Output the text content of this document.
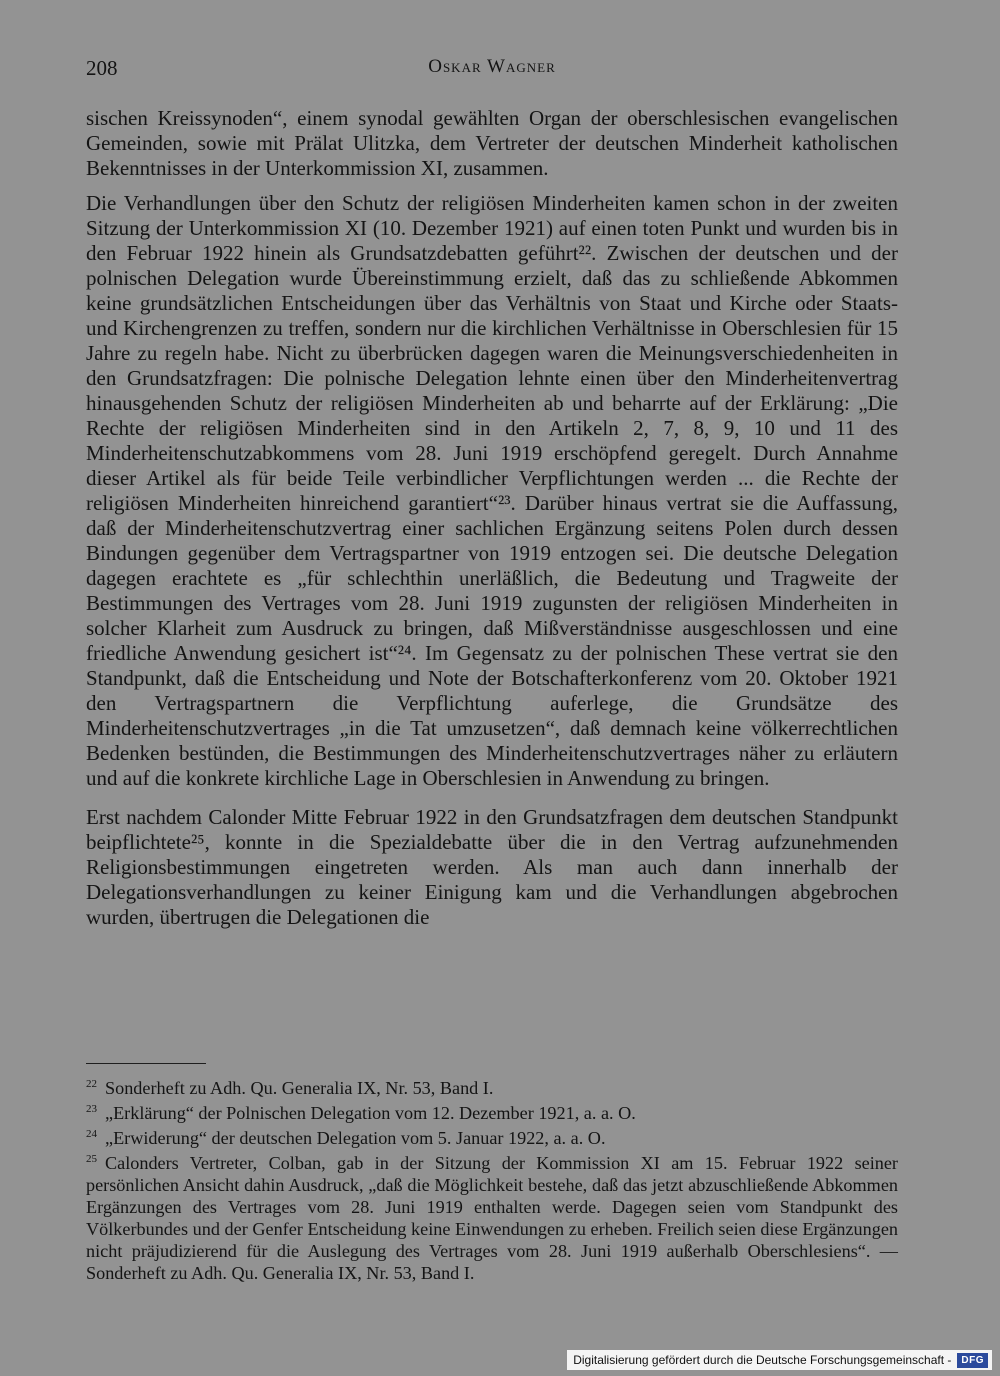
208	Oskar Wagner

sischen Kreissynoden“, einem synodal gewählten Organ der oberschlesischen evangelischen Gemeinden, sowie mit Prälat Ulitzka, dem Vertreter der deutschen Minderheit katholischen Bekenntnisses in der Unterkommission XI, zusammen.

Die Verhandlungen über den Schutz der religiösen Minderheiten kamen schon in der zweiten Sitzung der Unterkommission XI (10. Dezember 1921) auf einen toten Punkt und wurden bis in den Februar 1922 hinein als Grundsatzdebatten geführt²². Zwischen der deutschen und der polnischen Delegation wurde Übereinstimmung erzielt, daß das zu schließende Abkommen keine grundsätzlichen Entscheidungen über das Verhältnis von Staat und Kirche oder Staats- und Kirchengrenzen zu treffen, sondern nur die kirchlichen Verhältnisse in Oberschlesien für 15 Jahre zu regeln habe. Nicht zu überbrücken dagegen waren die Meinungsverschiedenheiten in den Grundsatzfragen: Die polnische Delegation lehnte einen über den Minderheitenvertrag hinausgehenden Schutz der religiösen Minderheiten ab und beharrte auf der Erklärung: „Die Rechte der religiösen Minderheiten sind in den Artikeln 2, 7, 8, 9, 10 und 11 des Minderheitenschutzabkommens vom 28. Juni 1919 erschöpfend geregelt. Durch Annahme dieser Artikel als für beide Teile verbindlicher Verpflichtungen werden ... die Rechte der religiösen Minderheiten hinreichend garantiert“²³. Darüber hinaus vertrat sie die Auffassung, daß der Minderheitenschutzvertrag einer sachlichen Ergänzung seitens Polen durch dessen Bindungen gegenüber dem Vertragspartner von 1919 entzogen sei. Die deutsche Delegation dagegen erachtete es „für schlechthin unerläßlich, die Bedeutung und Tragweite der Bestimmungen des Vertrages vom 28. Juni 1919 zugunsten der religiösen Minderheiten in solcher Klarheit zum Ausdruck zu bringen, daß Mißverständnisse ausgeschlossen und eine friedliche Anwendung gesichert ist“²⁴. Im Gegensatz zu der polnischen These vertrat sie den Standpunkt, daß die Entscheidung und Note der Botschafterkonferenz vom 20. Oktober 1921 den Vertragspartnern die Verpflichtung auferlege, die Grundsätze des Minderheitenschutzvertrages „in die Tat umzusetzen“, daß demnach keine völkerrechtlichen Bedenken bestünden, die Bestimmungen des Minderheitenschutzvertrages näher zu erläutern und auf die konkrete kirchliche Lage in Oberschlesien in Anwendung zu bringen.

Erst nachdem Calonder Mitte Februar 1922 in den Grundsatzfragen dem deutschen Standpunkt beipflichtete²⁵, konnte in die Spezialdebatte über die in den Vertrag aufzunehmenden Religionsbestimmungen eingetreten werden. Als man auch dann innerhalb der Delegationsverhandlungen zu keiner Einigung kam und die Verhandlungen abgebrochen wurden, übertrugen die Delegationen die

$^{22}$ Sonderheft zu Adh. Qu. Generalia IX, Nr. 53, Band I.
$^{23}$ „Erklärung“ der Polnischen Delegation vom 12. Dezember 1921, a. a. O.
$^{24}$ „Erwiderung“ der deutschen Delegation vom 5. Januar 1922, a. a. O.
$^{25}$ Calonders Vertreter, Colban, gab in der Sitzung der Kommission XI am 15. Februar 1922 seiner persönlichen Ansicht dahin Ausdruck, „daß die Möglichkeit bestehe, daß das jetzt abzuschließende Abkommen Ergänzungen des Vertrages vom 28. Juni 1919 enthalten werde. Dagegen seien vom Standpunkt des Völkerbundes und der Genfer Entscheidung keine Einwendungen zu erheben. Freilich seien diese Ergänzungen nicht präjudizierend für die Auslegung des Vertrages vom 28. Juni 1919 außerhalb Oberschlesiens“. — Sonderheft zu Adh. Qu. Generalia IX, Nr. 53, Band I.
Digitalisierung gefördert durch die Deutsche Forschungsgemeinschaft -	DFG
